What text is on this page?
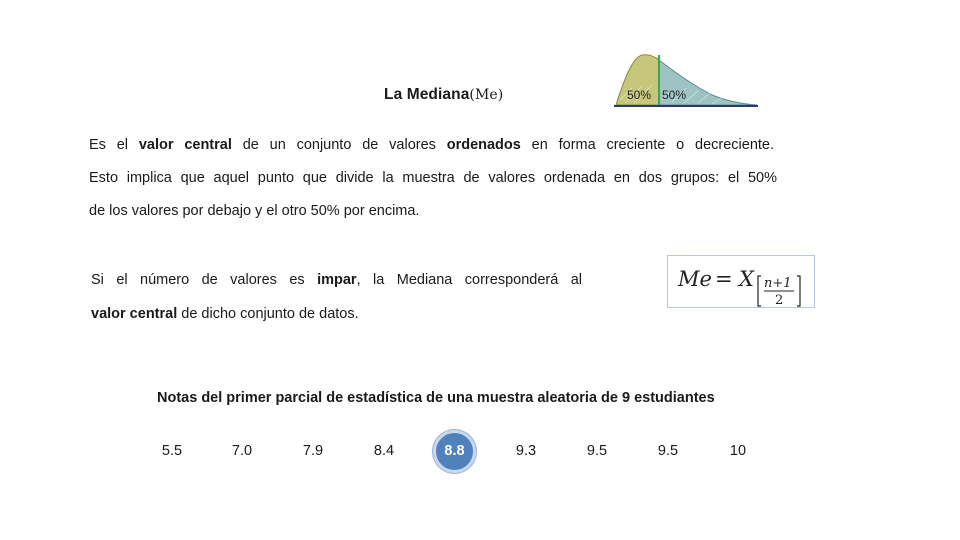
La Mediana(Me)	50% 50%
Es el valor central de un conjunto de valores ordenados en forma creciente o decreciente.
Esto implica que aquel punto que divide la muestra de valores ordenada en dos grupos: el 50%
de los valores por debajo y el otro 50% por encima.
Si el número de valores es impar, la Mediana corresponderá al
valor central de dicho conjunto de datos.
Me = X n+1
2
Notas del primer parcial de estadística de una muestra aleatoria de 9 estudiantes
8.8
5.5	7.0	7.9	8.4	9.3	9.5	9.5	10
